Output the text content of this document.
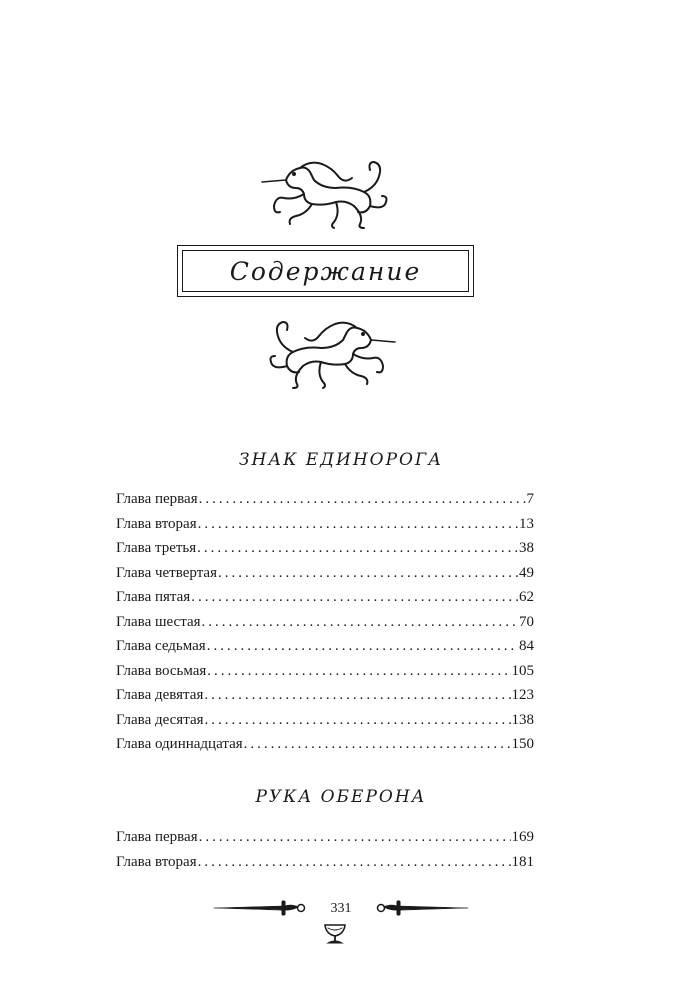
Содержание
ЗНАК ЕДИНОРОГА
Глава первая .....	7
Глава вторая .....	13
Глава третья .....	38
Глава четвертая .....	49
Глава пятая .....	62
Глава шестая .....	70
Глава седьмая .....	84
Глава восьмая .....	105
Глава девятая .....	123
Глава десятая .....	138
Глава одиннадцатая .....	150
РУКА ОБЕРОНА
Глава первая .....	169
Глава вторая .....	181
331
